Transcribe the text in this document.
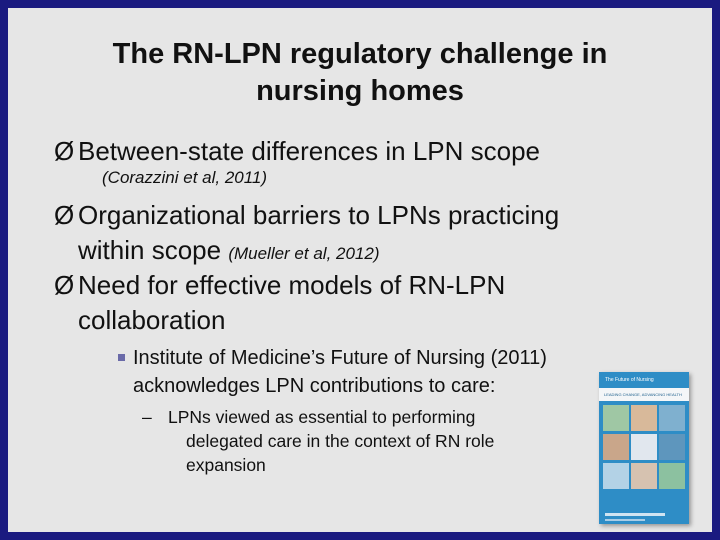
The RN-LPN regulatory challenge in
nursing homes
Ø Between-state differences in LPN scope
(Corazzini et al, 2011)
Ø Organizational barriers to LPNs practicing
within scope (Mueller et al, 2012)
Ø Need for effective models of RN-LPN
collaboration
Institute of Medicine’s Future of Nursing (2011)
acknowledges LPN contributions to care:
– LPNs viewed as essential to performing
delegated care in the context of RN role
expansion
The Future of Nursing
LEADING CHANGE, ADVANCING HEALTH
